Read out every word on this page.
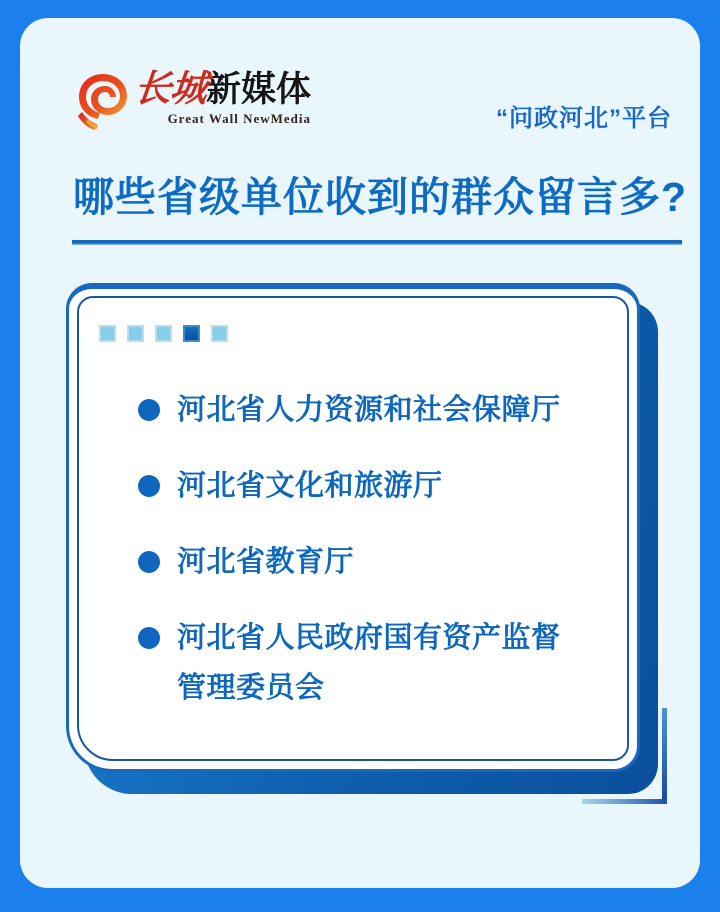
长城
新媒体
Great Wall NewMedia	“问政河北”平台
哪些省级单位收到的群众留言多?
河北省人力资源和社会保障厅
河北省文化和旅游厅
河北省教育厅
河北省人民政府国有资产监督
管理委员会
